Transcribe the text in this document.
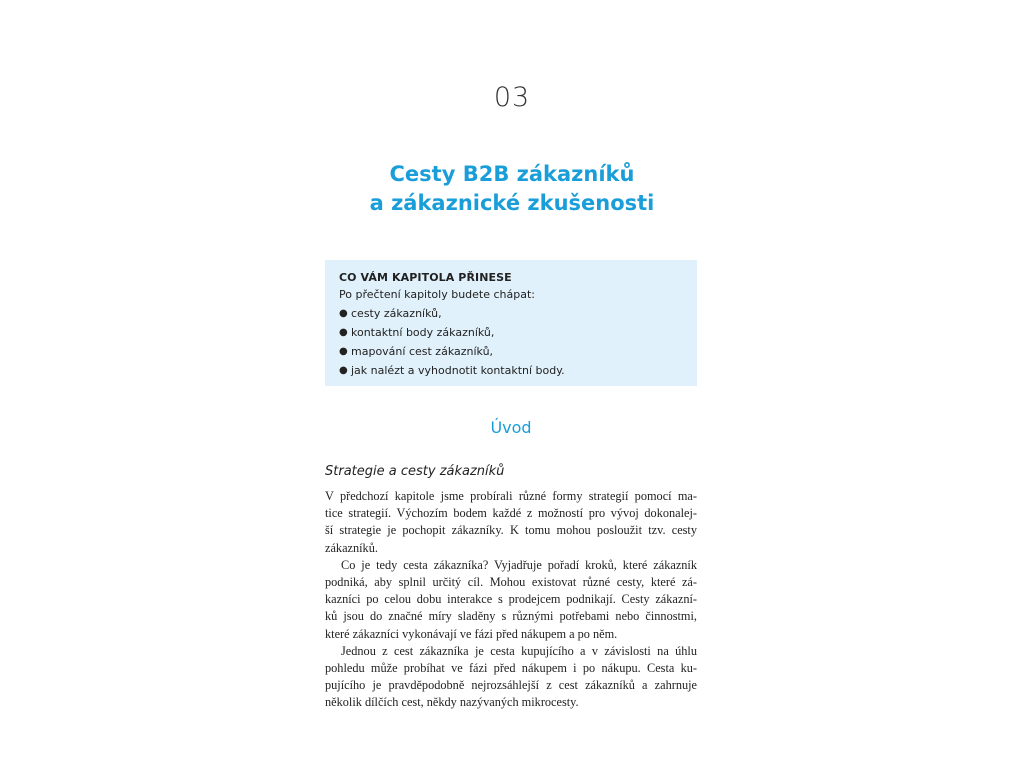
03
Cesty B2B zákazníků
a zákaznické zkušenosti
CO VÁM KAPITOLA PŘINESE
Po přečtení kapitoly budete chápat:
● cesty zákazníků,
● kontaktní body zákazníků,
● mapování cest zákazníků,
● jak nalézt a vyhodnotit kontaktní body.
Úvod
Strategie a cesty zákazníků
V předchozí kapitole jsme probírali různé formy strategií pomocí ma-
tice strategií. Výchozím bodem každé z možností pro vývoj dokonalej-
ší strategie je pochopit zákazníky. K tomu mohou posloužit tzv. cesty
zákazníků.
Co je tedy cesta zákazníka? Vyjadřuje pořadí kroků, které zákazník
podniká, aby splnil určitý cíl. Mohou existovat různé cesty, které zá-
kazníci po celou dobu interakce s prodejcem podnikají. Cesty zákazní-
ků jsou do značné míry sladěny s různými potřebami nebo činnostmi,
které zákazníci vykonávají ve fázi před nákupem a po něm.
Jednou z cest zákazníka je cesta kupujícího a v závislosti na úhlu
pohledu může probíhat ve fázi před nákupem i po nákupu. Cesta ku-
pujícího je pravděpodobně nejrozsáhlejší z cest zákazníků a zahrnuje
několik dílčích cest, někdy nazývaných mikrocesty.
